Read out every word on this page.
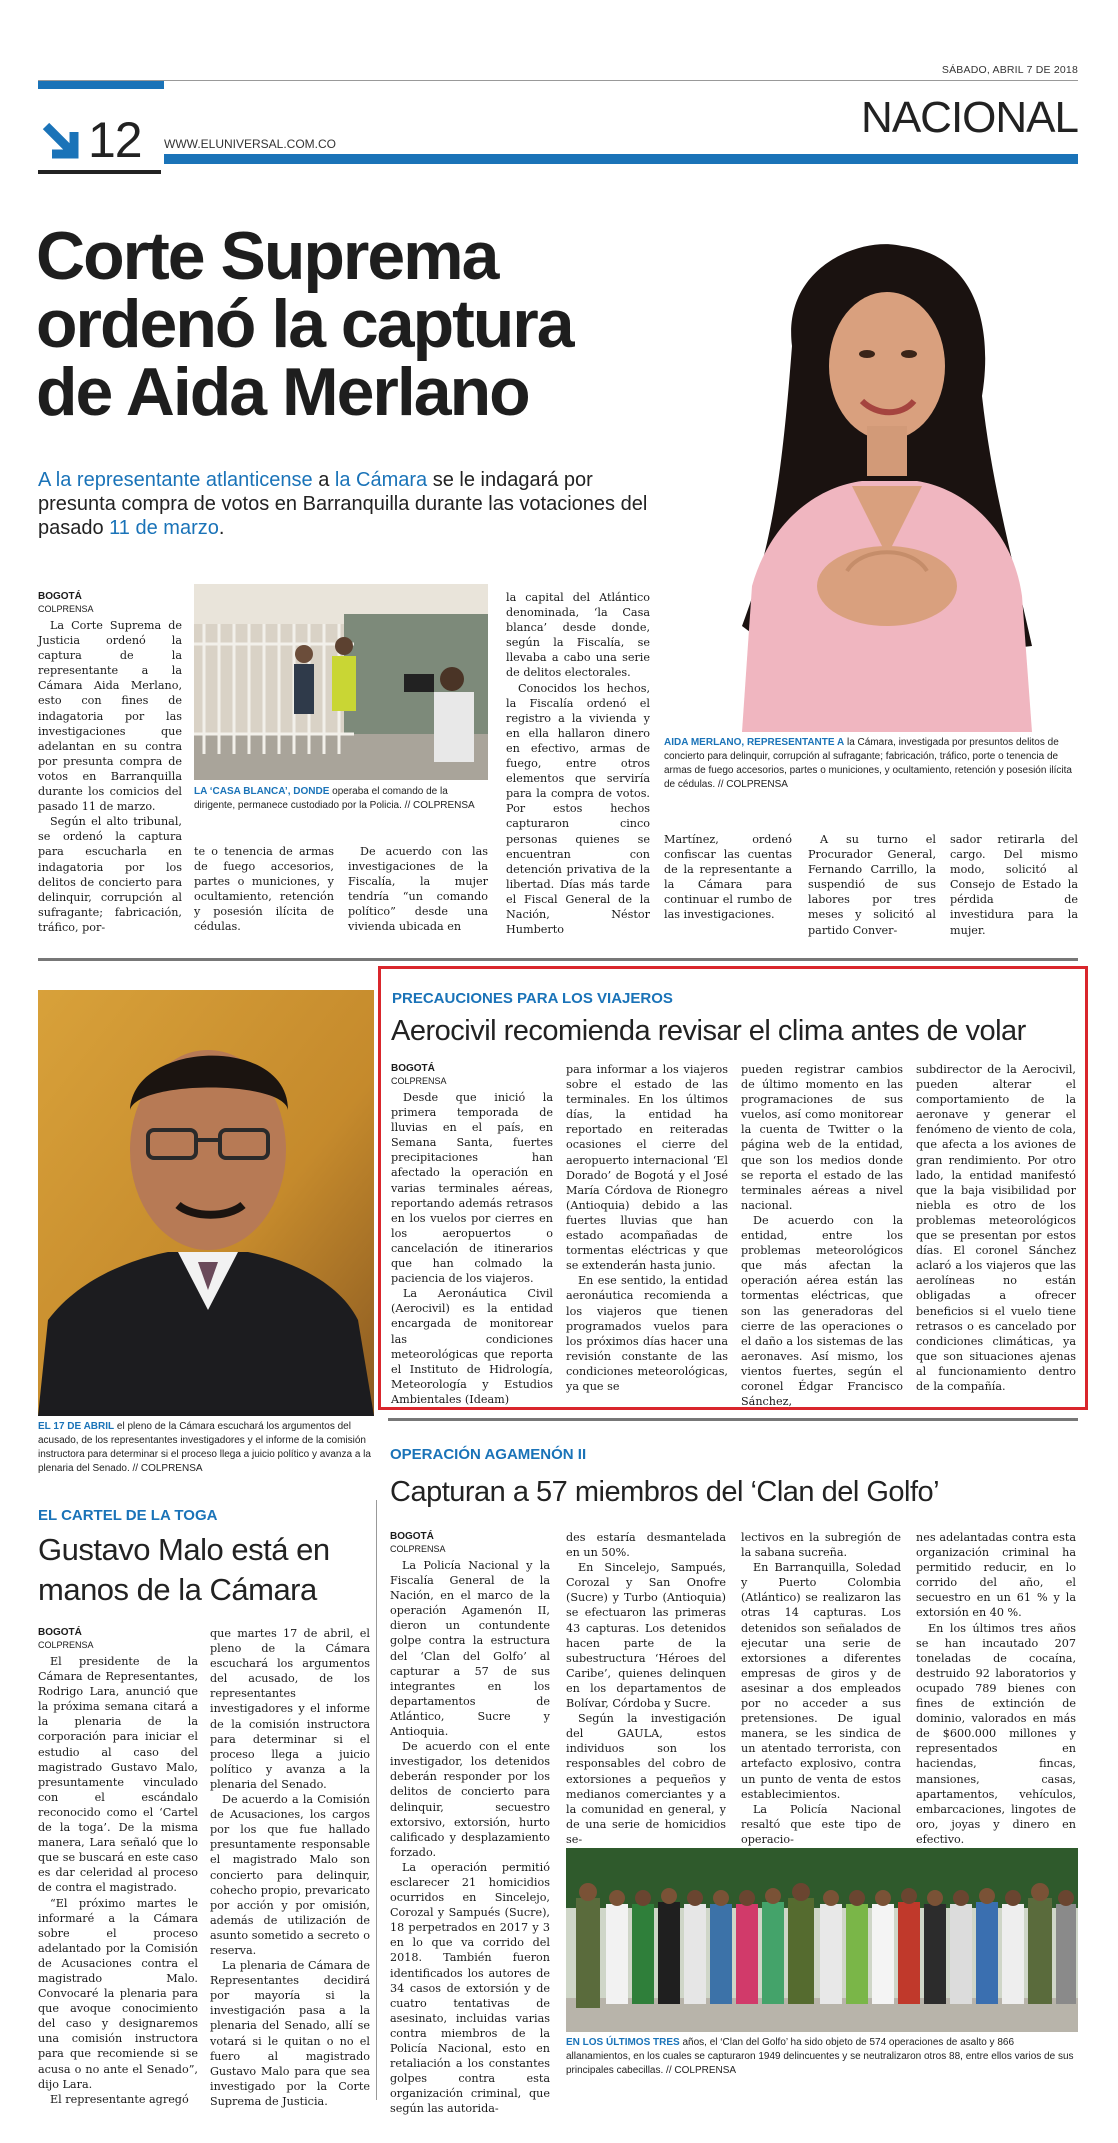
SÁBADO, ABRIL 7 DE 2018
12 WWW.ELUNIVERSAL.COM.CO
NACIONAL
Corte Suprema
ordenó la captura
de Aida Merlano
A la representante atlanticense a la Cámara se le indagará por presunta compra de votos en Barranquilla durante las votaciones del pasado 11 de marzo.
BOGOTÁ
COLPRENSA

La Corte Suprema de Justicia ordenó la captura de la representante a la Cámara Aida Merlano, esto con fines de indagatoria por las investigaciones que adelantan en su contra por presunta compra de votos en Barranquilla durante los comicios del pasado 11 de marzo.

Según el alto tribunal, se ordenó la captura para escucharla en indagatoria por los delitos de concierto para delinquir, corrupción al sufragante; fabricación, tráfico, por-

LA ‘CASA BLANCA’, DONDE operaba el comando de la dirigente, permanece custodiado por la Policia. // COLPRENSA

te o tenencia de armas de fuego accesorios, partes o municiones, y ocultamiento, retención y posesión ilícita de cédulas.

De acuerdo con las investigaciones de la Fiscalía, la mujer tendría “un comando político” desde una vivienda ubicada en

la capital del Atlántico denominada, ‘la Casa blanca’ desde donde, según la Fiscalía, se llevaba a cabo una serie de delitos electorales.

Conocidos los hechos, la Fiscalía ordenó el registro a la vivienda y en ella hallaron dinero en efectivo, armas de fuego, entre otros elementos que serviría para la compra de votos. Por estos hechos capturaron cinco personas quienes se encuentran con detención privativa de la libertad. Días más tarde el Fiscal General de la Nación, Néstor Humberto

AIDA MERLANO, REPRESENTANTE A la Cámara, investigada por presuntos delitos de concierto para delinquir, corrupción al sufragante; fabricación, tráfico, porte o tenencia de armas de fuego accesorios, partes o municiones, y ocultamiento, retención y posesión ilícita de cédulas. // COLPRENSA

Martínez, ordenó confiscar las cuentas de la representante a la Cámara para continuar el rumbo de las investigaciones.

A su turno el Procurador General, Fernando Carrillo, la suspendió de sus labores por tres meses y solicitó al partido Conver-

sador retirarla del cargo. Del mismo modo, solicitó al Consejo de Estado la pérdida de investidura para la mujer.

EL 17 DE ABRIL el pleno de la Cámara escuchará los argumentos del acusado, de los representantes investigadores y el informe de la comisión instructora para determinar si el proceso llega a juicio político y avanza a la plenaria del Senado. // COLPRENSA
PRECAUCIONES PARA LOS VIAJEROS
Aerocivil recomienda revisar el clima antes de volar
BOGOTÁ
COLPRENSA

Desde que inició la primera temporada de lluvias en el país, en Semana Santa, fuertes precipitaciones han afectado la operación en varias terminales aéreas, reportando además retrasos en los vuelos por cierres en los aeropuertos o cancelación de itinerarios que han colmado la paciencia de los viajeros.

La Aeronáutica Civil (Aerocivil) es la entidad encargada de monitorear las condiciones meteorológicas que reporta el Instituto de Hidrología, Meteorología y Estudios Ambientales (Ideam)

para informar a los viajeros sobre el estado de las terminales. En los últimos días, la entidad ha reportado en reiteradas ocasiones el cierre del aeropuerto internacional ‘El Dorado’ de Bogotá y el José María Córdova de Rionegro (Antioquia) debido a las fuertes lluvias que han estado acompañadas de tormentas eléctricas y que se extenderán hasta junio.

En ese sentido, la entidad aeronáutica recomienda a los viajeros que tienen programados vuelos para los próximos días hacer una revisión constante de las condiciones meteorológicas, ya que se

pueden registrar cambios de último momento en las programaciones de sus vuelos, así como monitorear la cuenta de Twitter o la página web de la entidad, que son los medios donde se reporta el estado de las terminales aéreas a nivel nacional.

De acuerdo con la entidad, entre los problemas meteorológicos que más afectan la operación aérea están las tormentas eléctricas, que son las generadoras del cierre de las operaciones o el daño a los sistemas de las aeronaves. Así mismo, los vientos fuertes, según el coronel Édgar Francisco Sánchez,

subdirector de la Aerocivil, pueden alterar el comportamiento de la aeronave y generar el fenómeno de viento de cola, que afecta a los aviones de gran rendimiento. Por otro lado, la entidad manifestó que la baja visibilidad por niebla es otro de los problemas meteorológicos que se presentan por estos días. El coronel Sánchez aclaró a los viajeros que las aerolíneas no están obligadas a ofrecer beneficios si el vuelo tiene retrasos o es cancelado por condiciones climáticas, ya que son situaciones ajenas al funcionamiento dentro de la compañía.

EL CARTEL DE LA TOGA
Gustavo Malo está en
manos de la Cámara
BOGOTÁ
COLPRENSA

El presidente de la Cámara de Representantes, Rodrigo Lara, anunció que la próxima semana citará a la plenaria de la corporación para iniciar el estudio al caso del magistrado Gustavo Malo, presuntamente vinculado con el escándalo reconocido como el ‘Cartel de la toga’. De la misma manera, Lara señaló que lo que se buscará en este caso es dar celeridad al proceso de contra el magistrado.

“El próximo martes le informaré a la Cámara sobre el proceso adelantado por la Comisión de Acusaciones contra el magistrado Malo. Convocaré la plenaria para que avoque conocimiento del caso y designaremos una comisión instructora para que recomiende si se acusa o no ante el Senado”, dijo Lara.

El representante agregó

que martes 17 de abril, el pleno de la Cámara escuchará los argumentos del acusado, de los representantes investigadores y el informe de la comisión instructora para determinar si el proceso llega a juicio político y avanza a la plenaria del Senado.

De acuerdo a la Comisión de Acusaciones, los cargos por los que fue hallado presuntamente responsable el magistrado Malo son concierto para delinquir, cohecho propio, prevaricato por acción y por omisión, además de utilización de asunto sometido a secreto o reserva.

La plenaria de Cámara de Representantes decidirá por mayoría si la investigación pasa a la plenaria del Senado, allí se votará si le quitan o no el fuero al magistrado Gustavo Malo para que sea investigado por la Corte Suprema de Justicia.

OPERACIÓN AGAMENÓN II
Capturan a 57 miembros del ‘Clan del Golfo’
BOGOTÁ
COLPRENSA

La Policía Nacional y la Fiscalía General de la Nación, en el marco de la operación Agamenón II, dieron un contundente golpe contra la estructura del ‘Clan del Golfo’ al capturar a 57 de sus integrantes en los departamentos de Atlántico, Sucre y Antioquia.

De acuerdo con el ente investigador, los detenidos deberán responder por los delitos de concierto para delinquir, secuestro extorsivo, extorsión, hurto calificado y desplazamiento forzado.

La operación permitió esclarecer 21 homicidios ocurridos en Sincelejo, Corozal y Sampués (Sucre), 18 perpetrados en 2017 y 3 en lo que va corrido del 2018. También fueron identificados los autores de 34 casos de extorsión y de cuatro tentativas de asesinato, incluidas varias contra miembros de la Policía Nacional, esto en retaliación a los constantes golpes contra esta organización criminal, que según las autorida-

des estaría desmantelada en un 50%.

En Sincelejo, Sampués, Corozal y San Onofre (Sucre) y Turbo (Antioquia) se efectuaron las primeras 43 capturas. Los detenidos hacen parte de la subestructura ‘Héroes del Caribe’, quienes delinquen en los departamentos de Bolívar, Córdoba y Sucre.

Según la investigación del GAULA, estos individuos son los responsables del cobro de extorsiones a pequeños y medianos comerciantes y a la comunidad en general, y de una serie de homicidios se-

lectivos en la subregión de la sabana sucreña.

En Barranquilla, Soledad y Puerto Colombia (Atlántico) se realizaron las otras 14 capturas. Los detenidos son señalados de ejecutar una serie de extorsiones a diferentes empresas de giros y de asesinar a dos empleados por no acceder a sus pretensiones. De igual manera, se les sindica de un atentado terrorista, con artefacto explosivo, contra un punto de venta de estos establecimientos.

La Policía Nacional resaltó que este tipo de operacio-

nes adelantadas contra esta organización criminal ha permitido reducir, en lo corrido del año, el secuestro en un 61 % y la extorsión en 40 %.

En los últimos tres años se han incautado 207 toneladas de cocaína, destruido 92 laboratorios y ocupado 789 bienes con fines de extinción de dominio, valorados en más de $600.000 millones y representados en haciendas, fincas, mansiones, casas, apartamentos, vehículos, embarcaciones, lingotes de oro, joyas y dinero en efectivo.

EN LOS ÚLTIMOS TRES años, el ‘Clan del Golfo’ ha sido objeto de 574 operaciones de asalto y 866 allanamientos, en los cuales se capturaron 1949 delincuentes y se neutralizaron otros 88, entre ellos varios de sus principales cabecillas. // COLPRENSA
